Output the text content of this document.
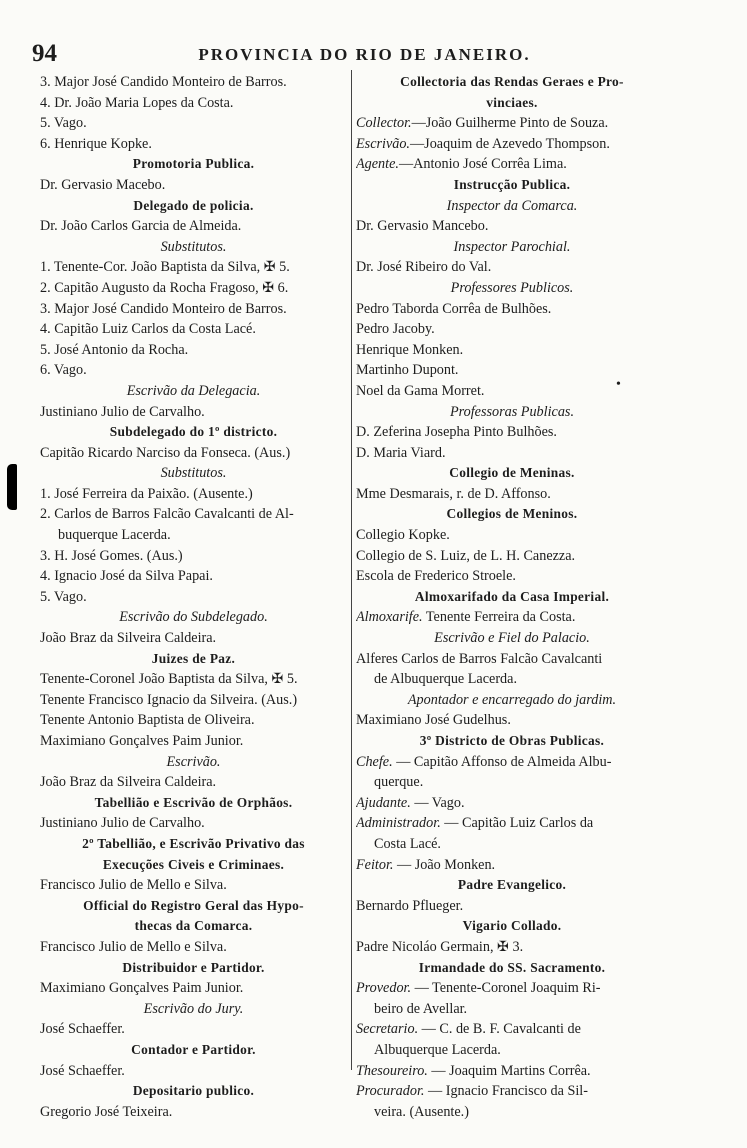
94	PROVINCIA DO RIO DE JANEIRO.
•
3. Major José Candido Monteiro de Barros.
4. Dr. João Maria Lopes da Costa.
5. Vago.
6. Henrique Kopke.
Promotoria Publica.
Dr. Gervasio Macebo.
Delegado de policia.
Dr. João Carlos Garcia de Almeida.
Substitutos.
1. Tenente-Cor. João Baptista da Silva, ✠ 5.
2. Capitão Augusto da Rocha Fragoso, ✠ 6.
3. Major José Candido Monteiro de Barros.
4. Capitão Luiz Carlos da Costa Lacé.
5. José Antonio da Rocha.
6. Vago.
Escrivão da Delegacia.
Justiniano Julio de Carvalho.
Subdelegado do 1º districto.
Capitão Ricardo Narciso da Fonseca. (Aus.)
Substitutos.
1. José Ferreira da Paixão. (Ausente.)
2. Carlos de Barros Falcão Cavalcanti de Al-
buquerque Lacerda.
3. H. José Gomes. (Aus.)
4. Ignacio José da Silva Papai.
5. Vago.
Escrivão do Subdelegado.
João Braz da Silveira Caldeira.
Juizes de Paz.
Tenente-Coronel João Baptista da Silva, ✠ 5.
Tenente Francisco Ignacio da Silveira. (Aus.)
Tenente Antonio Baptista de Oliveira.
Maximiano Gonçalves Paim Junior.
Escrivão.
João Braz da Silveira Caldeira.
Tabellião e Escrivão de Orphãos.
Justiniano Julio de Carvalho.
2º Tabellião, e Escrivão Privativo das
Execuções Civeis e Criminaes.
Francisco Julio de Mello e Silva.
Official do Registro Geral das Hypo-
thecas da Comarca.
Francisco Julio de Mello e Silva.
Distribuidor e Partidor.
Maximiano Gonçalves Paim Junior.
Escrivão do Jury.
José Schaeffer.
Contador e Partidor.
José Schaeffer.
Depositario publico.
Gregorio José Teixeira.
Collectoria das Rendas Geraes e Pro-
vinciaes.
Collector.—João Guilherme Pinto de Souza.
Escrivão.—Joaquim de Azevedo Thompson.
Agente.—Antonio José Corrêa Lima.
Instrucção Publica.
Inspector da Comarca.
Dr. Gervasio Mancebo.
Inspector Parochial.
Dr. José Ribeiro do Val.
Professores Publicos.
Pedro Taborda Corrêa de Bulhões.
Pedro Jacoby.
Henrique Monken.
Martinho Dupont.
Noel da Gama Morret.
Professoras Publicas.
D. Zeferina Josepha Pinto Bulhões.
D. Maria Viard.
Collegio de Meninas.
Mme Desmarais, r. de D. Affonso.
Collegios de Meninos.
Collegio Kopke.
Collegio de S. Luiz, de L. H. Canezza.
Escola de Frederico Stroele.
Almoxarifado da Casa Imperial.
Almoxarife. Tenente Ferreira da Costa.
Escrivão e Fiel do Palacio.
Alferes Carlos de Barros Falcão Cavalcanti
de Albuquerque Lacerda.
Apontador e encarregado do jardim.
Maximiano José Gudelhus.
3º Districto de Obras Publicas.
Chefe. — Capitão Affonso de Almeida Albu-
querque.
Ajudante. — Vago.
Administrador. — Capitão Luiz Carlos da
Costa Lacé.
Feitor. — João Monken.
Padre Evangelico.
Bernardo Pflueger.
Vigario Collado.
Padre Nicoláo Germain, ✠ 3.
Irmandade do SS. Sacramento.
Provedor. — Tenente-Coronel Joaquim Ri-
beiro de Avellar.
Secretario. — C. de B. F. Cavalcanti de
Albuquerque Lacerda.
Thesoureiro. — Joaquim Martins Corrêa.
Procurador. — Ignacio Francisco da Sil-
veira. (Ausente.)
